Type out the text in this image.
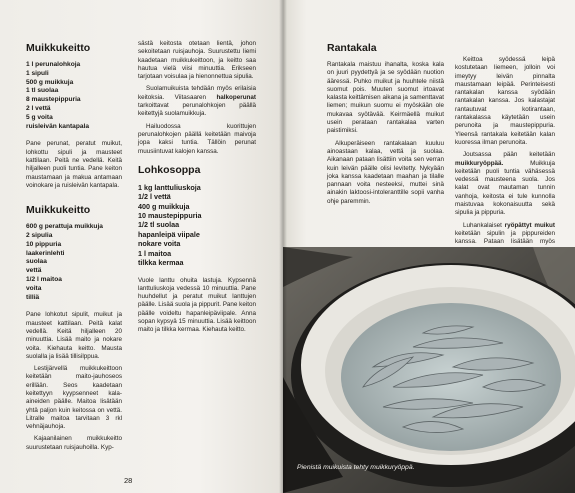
Muikkukeitto
1 l perunalohkoja
1 sipuli
500 g muikkuja
1 tl suolaa
8 maustepippuria
2 l vettä
5 g voita
ruisleivän kantapala

Pane perunat, peratut muikut, lohkottu sipuli ja mausteet kattilaan. Peitä ne vedellä. Keitä hiljalleen puoli tuntia. Pane keiton maustamaan ja makua antamaan voinokare ja ruisleivän kantapala.

Muikkukeitto
600 g perattuja muikkuja
2 sipulia
10 pippuria
laakerinlehti
suolaa
vettä
1/2 l maitoa
voita
tilliä

Pane lohkotut sipulit, muikut ja mausteet kattilaan. Peitä kalat vedellä. Keitä hiljalleen 20 minuuttia. Lisää maito ja nokare voita. Kiehauta keitto. Mausta suolalla ja lisää tillisilppua.

Lestijärvellä muikkukeittoon keitetään maito-jauhoseos erillään. Seos kaadetaan keitettyyn kyypsenneet kala-aineiden päälle. Maitoa lisätään yhtä paljon kuin keitossa on vettä. Litralle maitoa tarvitaan 3 rkl vehnäjauhoja.

Kajaanilainen muikkukeitto suurustetaan ruisjauhoilla. Kyp-

sästä keitosta otetaan lientä, johon sekoitetaan ruisjauhoja. Suurustettu liemi kaadetaan muikkukeittoon, ja keitto saa hautua vielä viisi minuuttia. Erikseen tarjotaan voisulaa ja hienonnettua sipulia.

Suolamuikuista tehdään myös erilaisia keitoksia. Viitasaaren halkoperunat tarkoittavat perunalohkojen päällä keitettyjä suolamuikkuja.

Hailuodossa kuorittujen perunalohkojen päällä keitetään maivoja jopa kaksi tuntia. Tällöin perunat muusiintuvat kalojen kanssa.

Lohkosoppa
1 kg lanttuliuskoja
1/2 l vettä
400 g muikkuja
10 maustepippuria
1/2 tl suolaa
hapanleipä viipale
nokare voita
1 l maitoa
tilkka kermaa

Vuole lanttu ohuita lastuja. Kypsennä lanttuliuskoja vedessä 10 minuuttia. Pane huuhdellut ja peratut muikut lanttujen päälle. Lisää suola ja pippurit. Pane keiton päälle voideltu hapanleipäviipale. Anna sopan kypsyä 15 minuuttia. Lisää keittoon maito ja tilkka kermaa. Kiehauta keitto.

28
Rantakala

Rantakala maistuu ihanalta, koska kala on juuri pyydettyä ja se syödään nuotion ääressä. Puhko muikut ja huuhtele niistä suomut pois. Muuten suomut irtoavat kalasta keittämisen aikana ja samenttavat liemen; muikun suomu ei myöskään ole mukavaa syötävää. Keirmäellä muikut usein perataan rantakalaa varten paistimiksi.

Alkuperäiseen rantakalaan kuuluu ainoastaan kalaa, vettä ja suolaa. Aikanaan pataan lisättiin voita sen verran kuin leivän päälle olisi levitetty. Nykyään joka kanssa kaadetaan maahan ja tilalle pannaan voita nesteeksi, muttei sinä ainakin laktoosi-intoleranttille sopii vanha ohje paremmin.

Keittoa syödessä leipä kostutetaan liemeen, jolloin voi imeytyy leivän pinnalta maustamaan leipää. Perinteisesti rantakalan kanssa syödään rantakalan kanssa. Jos kalastajat rantautuvat kotirantaan, rantakalassa käytetään usein perunoita ja maustepippuria. Yleensä rantakala keitetään kalan kuoressa ilman perunoita.

Joutsassa pään keitetään muikkuryöppää.	Muikkuja keitetään puoli tuntia vähäsessä vedessä mausteena suola. Jos kalat ovat mautaman tunnin vanhoja, keitosta ei tule kunnolla maistuvaa kokonaisuutta sekä sipulia ja pippuria.

Luhankalaiset ryöpättyt muikut keitetään sipulin ja pippureiden kanssa. Pataan lisätään myös

Pienistä muikuista tehty muikkuryöppä.
